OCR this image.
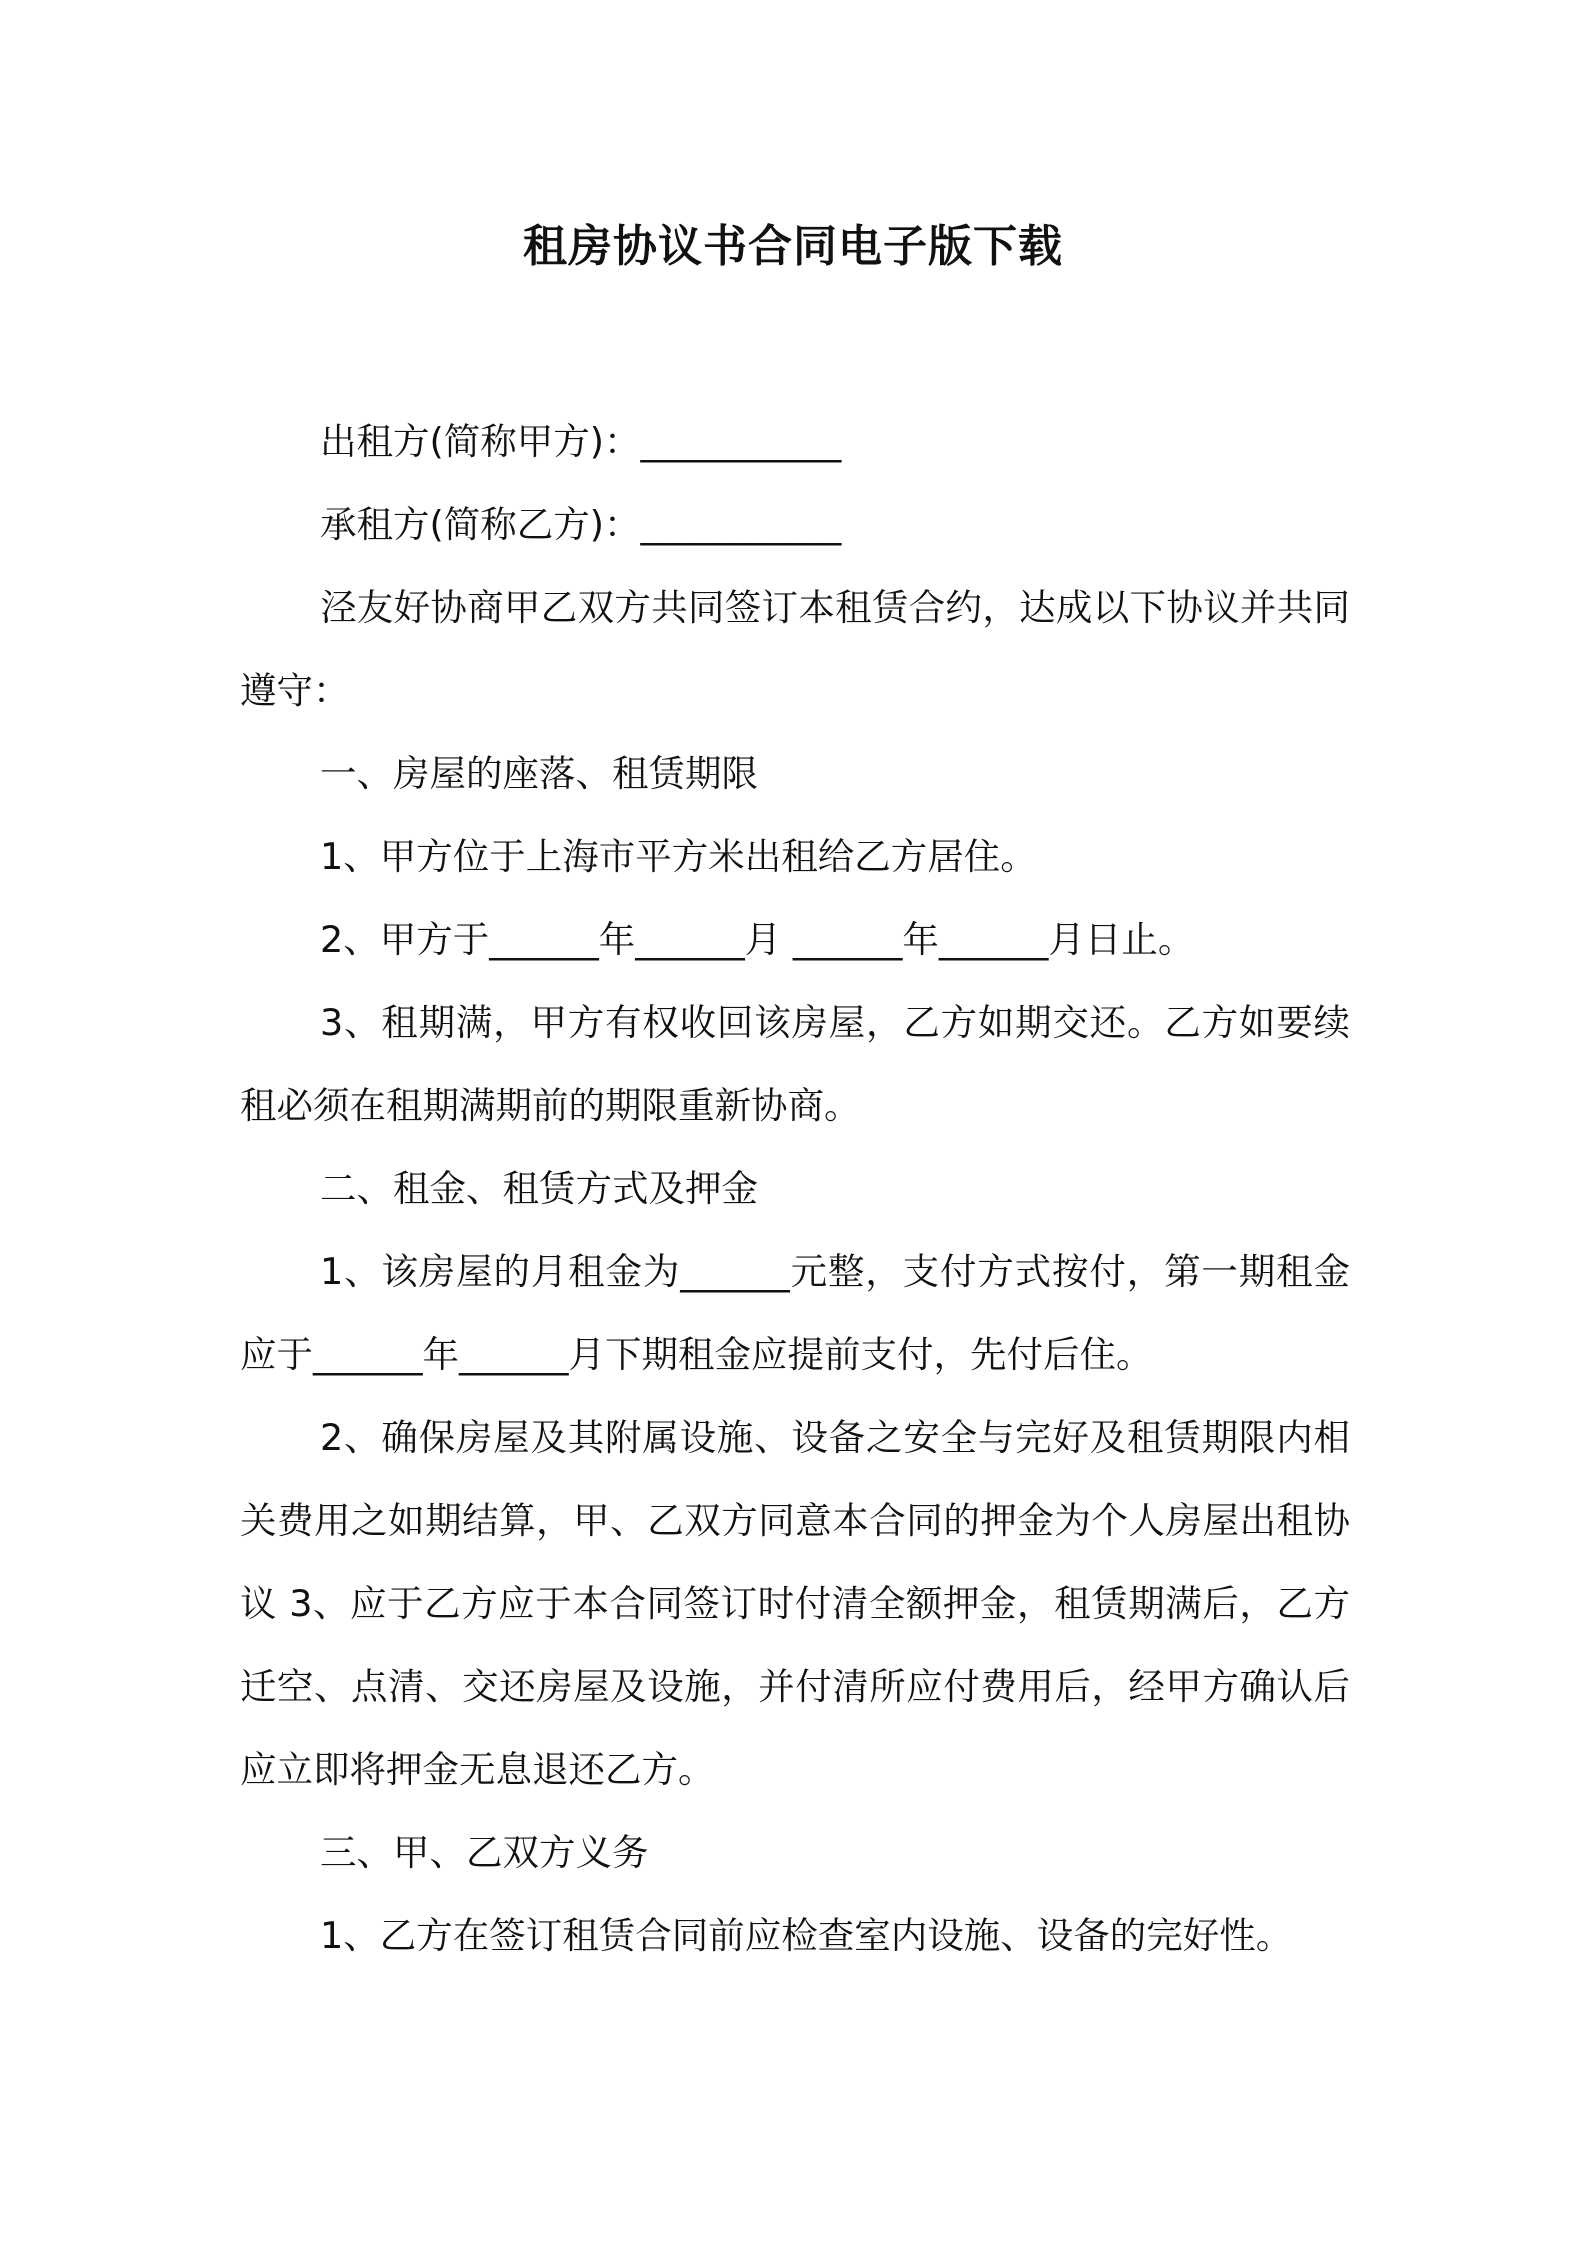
租房协议书合同电子版下载

出租方(简称甲方)：___________

承租方(简称乙方)：___________

泾友好协商甲乙双方共同签订本租赁合约，达成以下协议并共同遵守：

一、房屋的座落、租赁期限

1、甲方位于上海市平方米出租给乙方居住。

2、甲方于______年______月 ______年______月日止。

3、租期满，甲方有权收回该房屋，乙方如期交还。乙方如要续租必须在租期满期前的期限重新协商。

二、租金、租赁方式及押金

1、该房屋的月租金为______元整，支付方式按付，第一期租金应于______年______月下期租金应提前支付，先付后住。

2、确保房屋及其附属设施、设备之安全与完好及租赁期限内相关费用之如期结算，甲、乙双方同意本合同的押金为个人房屋出租协议 3、应于乙方应于本合同签订时付清全额押金，租赁期满后，乙方迁空、点清、交还房屋及设施，并付清所应付费用后，经甲方确认后应立即将押金无息退还乙方。

三、甲、乙双方义务

1、乙方在签订租赁合同前应检查室内设施、设备的完好性。
